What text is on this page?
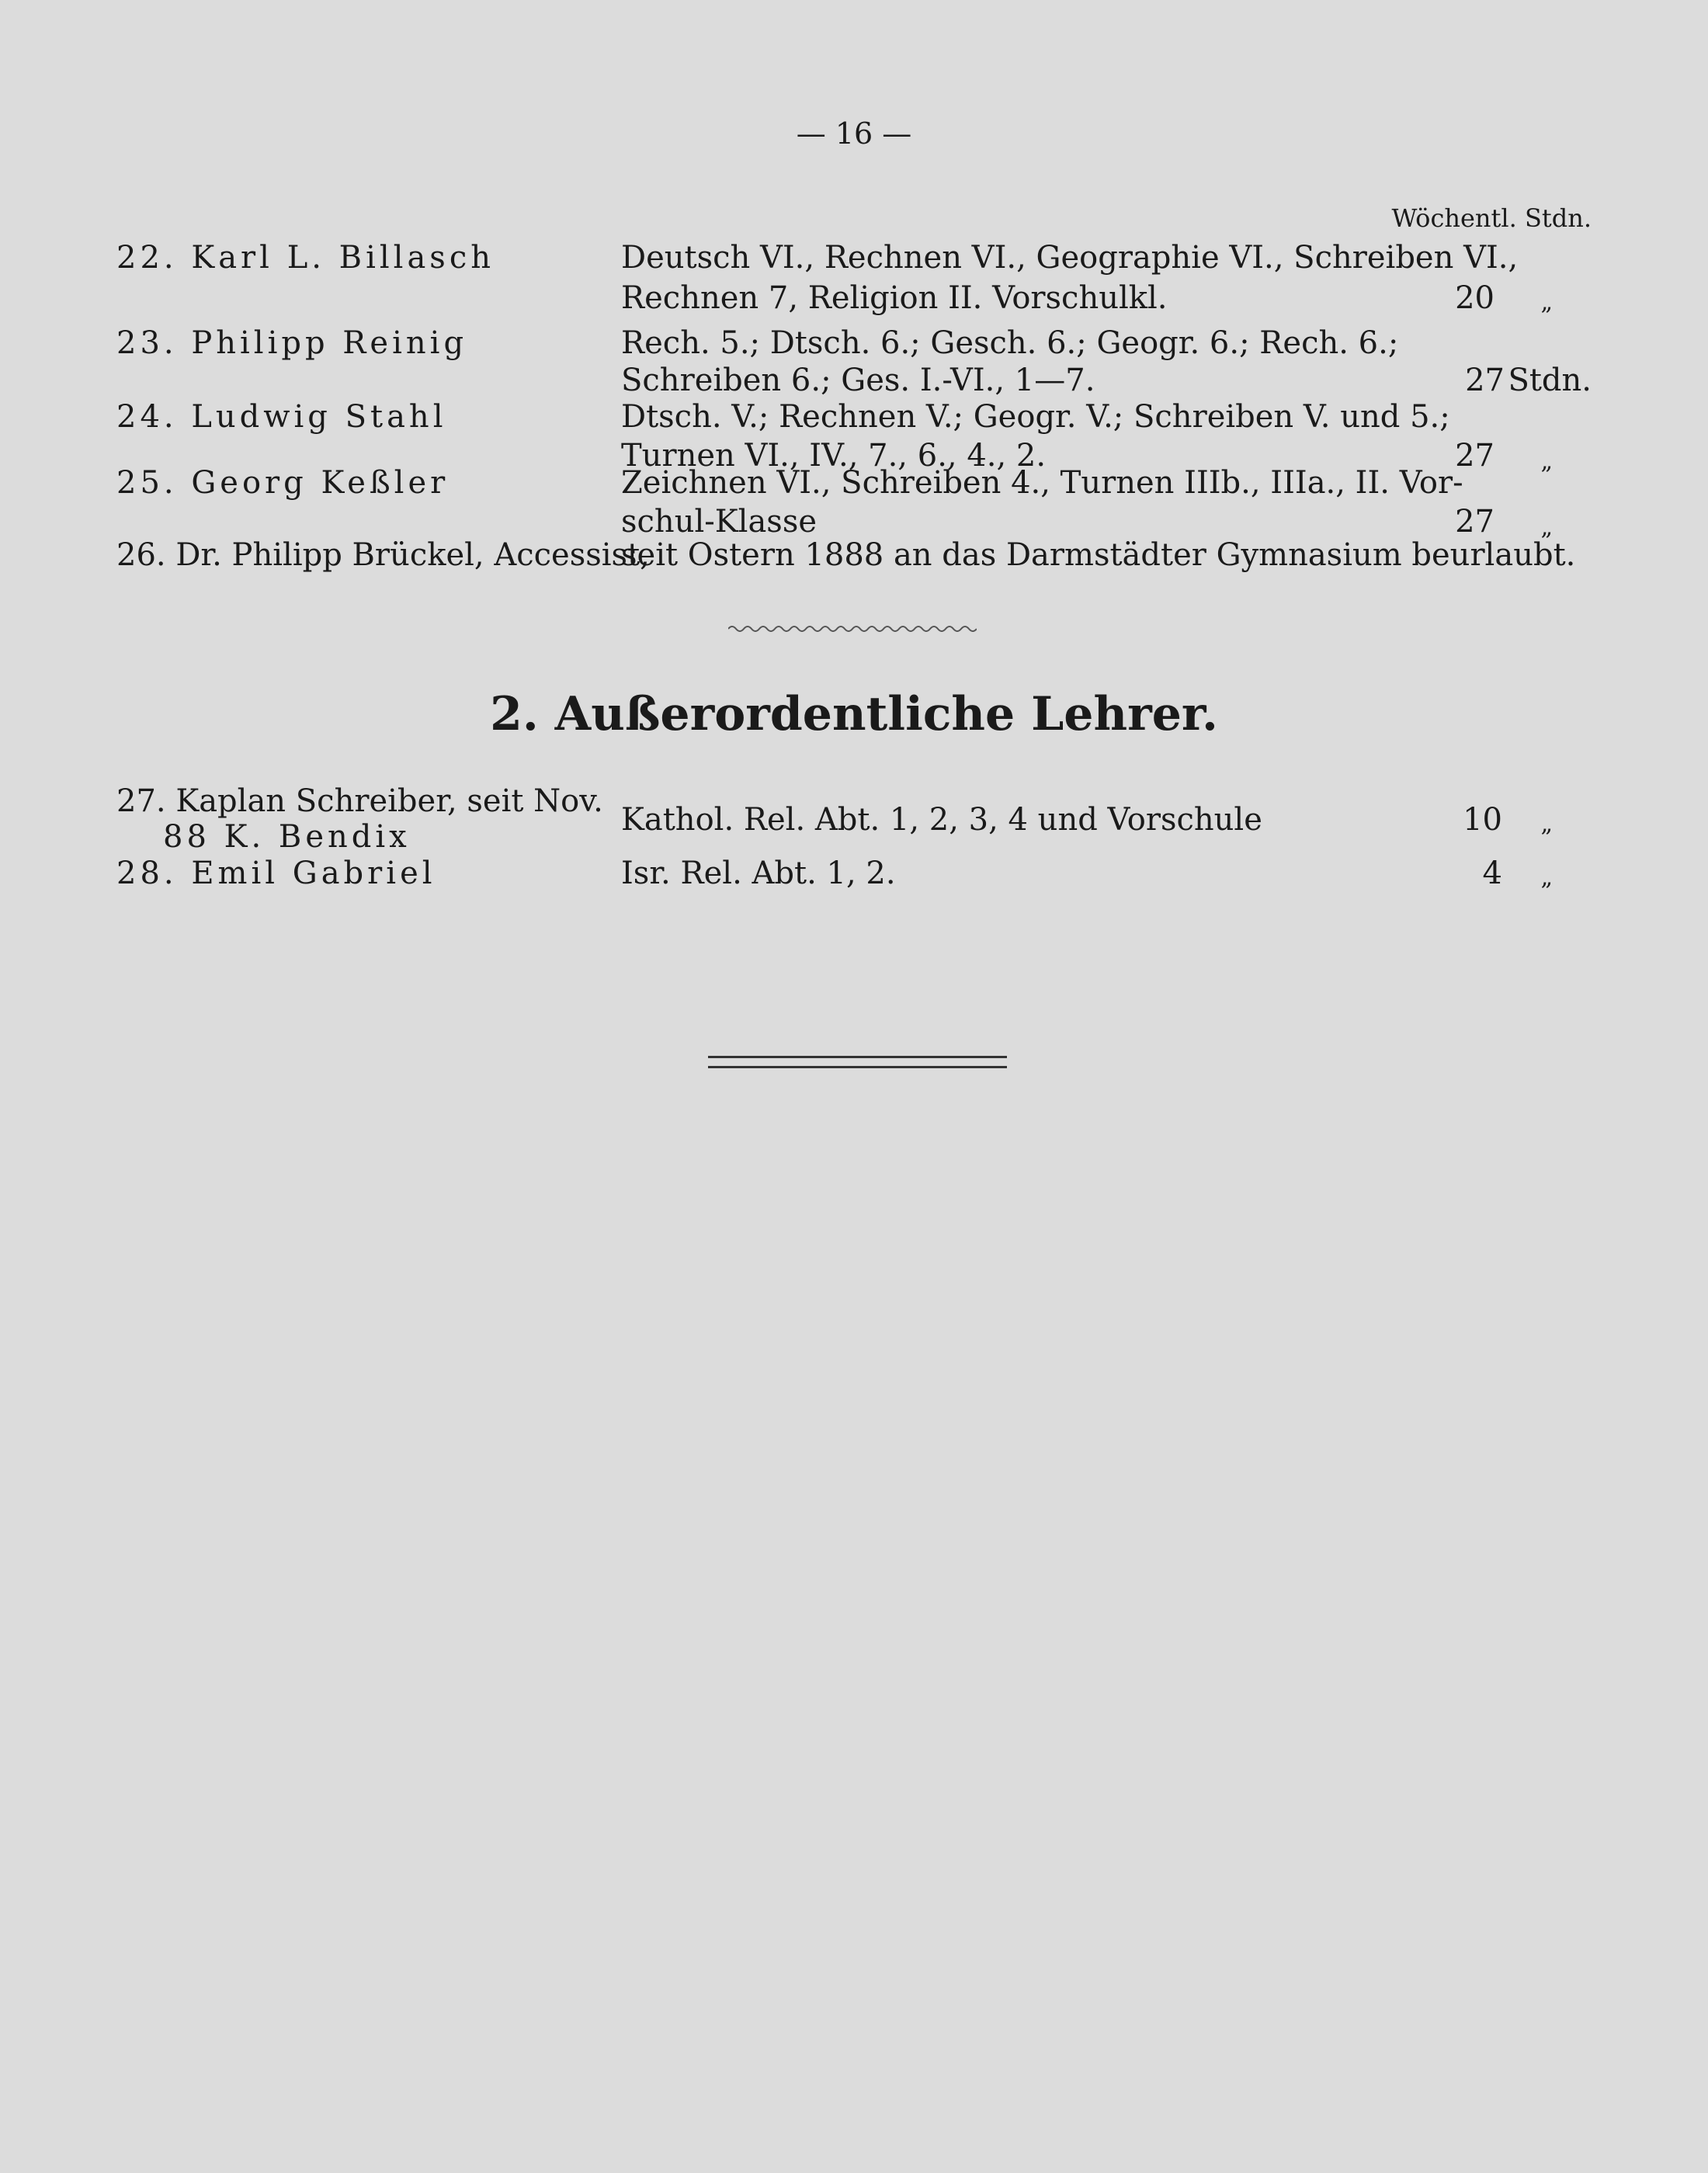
— 16 —
Wöchentl. Stdn.
22. Karl L. Billasch	Deutsch VI., Rechnen VI., Geographie VI., Schreiben VI.,
Rechnen 7, Religion II. Vorschulkl.	20 „
23. Philipp Reinig	Rech. 5.; Dtsch. 6.; Gesch. 6.; Geogr. 6.; Rech. 6.;
Schreiben 6.; Ges. I.-VI., 1—7.	27 Stdn.
24. Ludwig Stahl	Dtsch. V.; Rechnen V.; Geogr. V.; Schreiben V. und 5.;
Turnen VI., IV., 7., 6., 4., 2.	27 „
25. Georg Keßler	Zeichnen VI., Schreiben 4., Turnen IIIb., IIIa., II. Vor-
schul-Klasse	27 „
26. Dr. Philipp Brückel, Accessist,
seit Ostern 1888 an das Darmstädter Gymnasium beurlaubt.
2. Außerordentliche Lehrer.
27. Kaplan Schreiber, seit Nov.
88 K. Bendix	Kathol. Rel. Abt. 1, 2, 3, 4 und Vorschule	10 „
28. Emil Gabriel	Isr. Rel. Abt. 1, 2.	4 „
